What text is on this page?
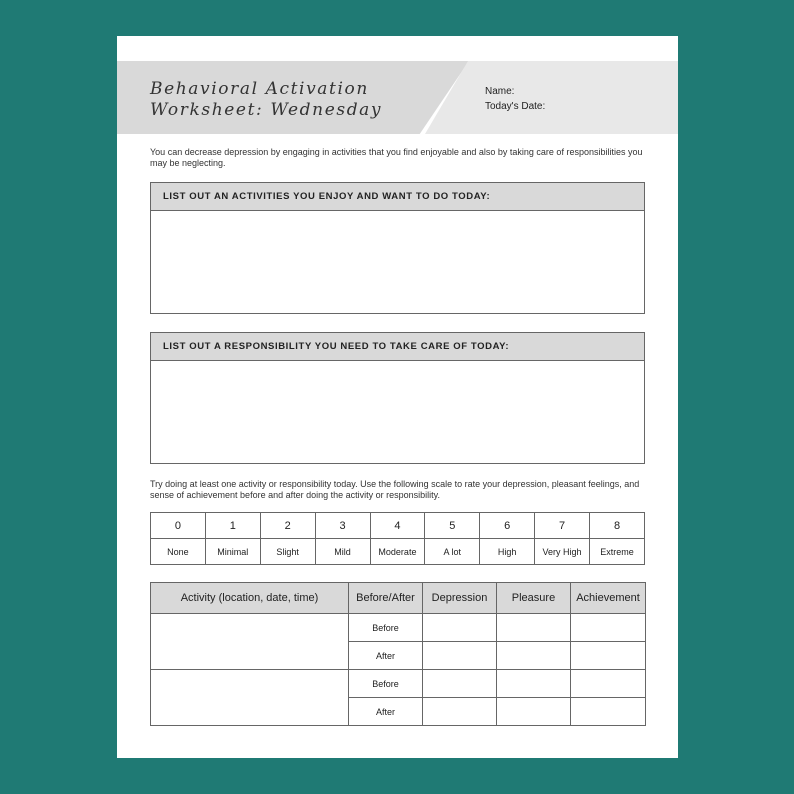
Behavioral Activation
Worksheet: Wednesday
Name:
Today's Date:

You can decrease depression by engaging in activities that you find enjoyable and also by taking care of responsibilities you may be neglecting.

LIST OUT AN ACTIVITIES YOU ENJOY AND WANT TO DO TODAY:
LIST OUT A RESPONSIBILITY YOU NEED TO TAKE CARE OF TODAY:

Try doing at least one activity or responsibility today. Use the following scale to rate your depression, pleasant feelings, and sense of achievement before and after doing the activity or responsibility.

0	1	2	3	4	5	6	7	8
None	Minimal	Slight	Mild	Moderate	A lot	High	Very High	Extreme
Activity (location, date, time)	Before/After	Depression	Pleasure	Achievement
	Before			
	After			
	Before			
	After			
